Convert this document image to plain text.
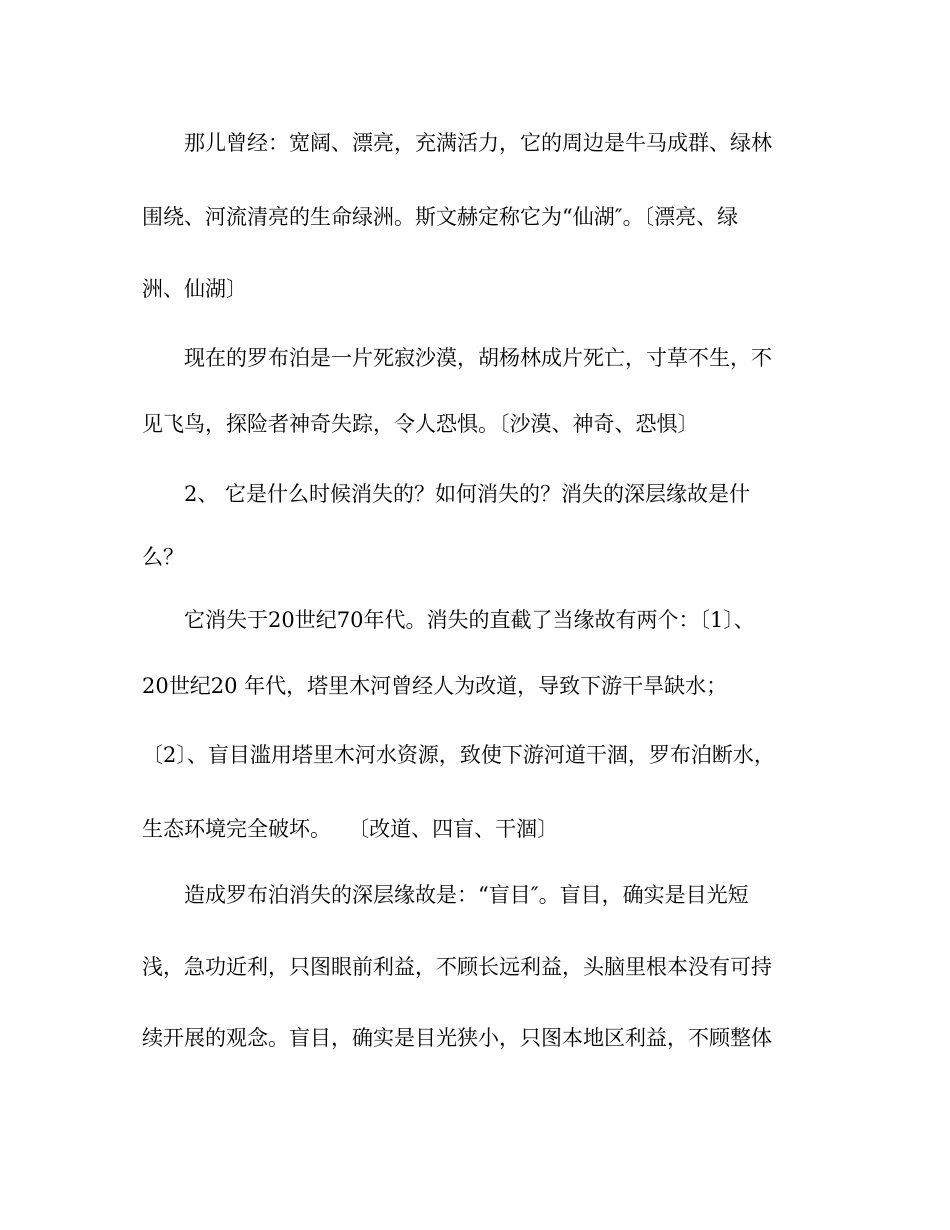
那儿曾经：宽阔、漂亮，充满活力，它的周边是牛马成群、绿林
围绕、河流清亮的生命绿洲。斯文赫定称它为“仙湖″。〔漂亮、绿
洲、仙湖〕
现在的罗布泊是一片死寂沙漠，胡杨林成片死亡，寸草不生，不
见飞鸟，探险者神奇失踪，令人恐惧。〔沙漠、神奇、恐惧〕
2、 它是什么时候消失的？如何消失的？消失的深层缘故是什
么？
它消失于20世纪70年代。消失的直截了当缘故有两个：〔1〕、
20世纪20 年代，塔里木河曾经人为改道，导致下游干旱缺水；
〔2〕、盲目滥用塔里木河水资源，致使下游河道干涸，罗布泊断水，
生态环境完全破坏。　 〔改道、四盲、干涸〕
造成罗布泊消失的深层缘故是：“盲目″。盲目，确实是目光短
浅，急功近利，只图眼前利益，不顾长远利益，头脑里根本没有可持
续开展的观念。盲目，确实是目光狭小，只图本地区利益，不顾整体
